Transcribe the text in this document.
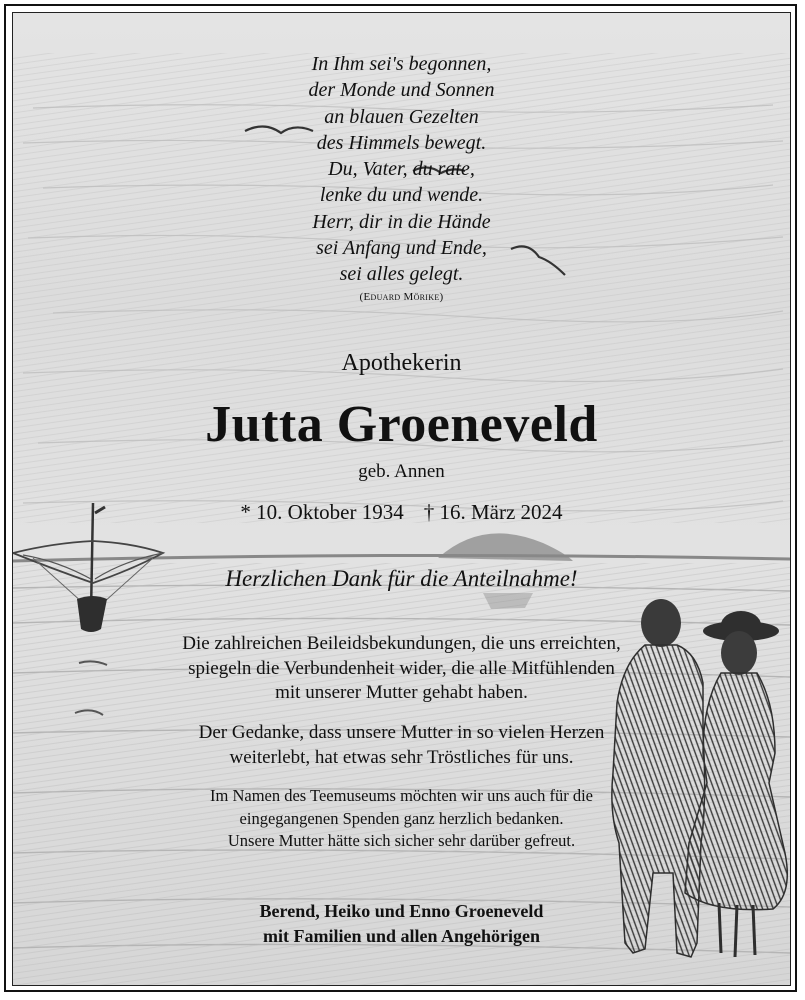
In Ihm sei's begonnen,
der Monde und Sonnen
an blauen Gezelten
des Himmels bewegt.
Du, Vater, du rate,
lenke du und wende.
Herr, dir in die Hände
sei Anfang und Ende,
sei alles gelegt.
(Eduard Mörike)
Apothekerin
Jutta Groeneveld
geb. Annen
* 10. Oktober 1934 † 16. März 2024
Herzlichen Dank für die Anteilnahme!
Die zahlreichen Beileidsbekundungen, die uns erreichten,
spiegeln die Verbundenheit wider, die alle Mitfühlenden
mit unserer Mutter gehabt haben.
Der Gedanke, dass unsere Mutter in so vielen Herzen
weiterlebt, hat etwas sehr Tröstliches für uns.
Im Namen des Teemuseums möchten wir uns auch für die
eingegangenen Spenden ganz herzlich bedanken.
Unsere Mutter hätte sich sicher sehr darüber gefreut.
Berend, Heiko und Enno Groeneveld
mit Familien und allen Angehörigen
